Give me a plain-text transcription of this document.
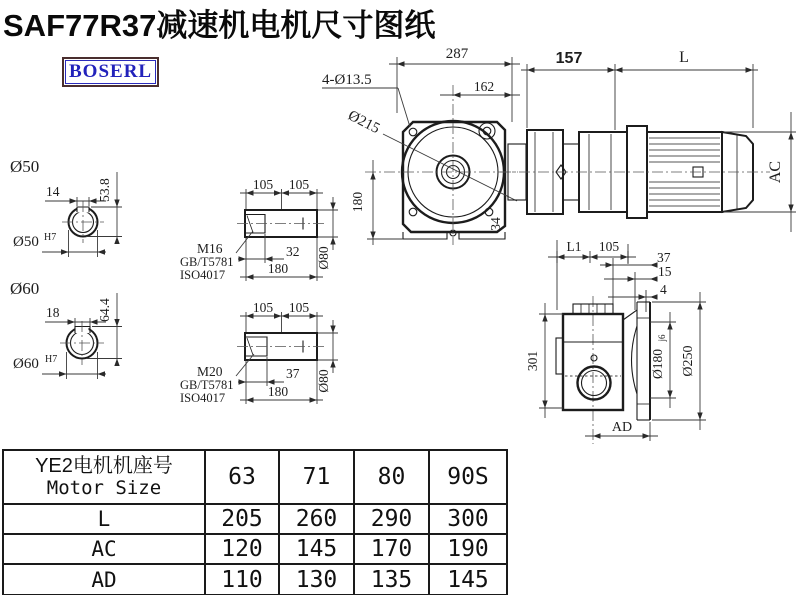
SAF77R37减速机电机尺寸图纸
BOSERL
Ø50
14	53.8
Ø50 H7
Ø60
18	64.4
Ø60 H7
105 105
M16
GB/T5781
ISO4017
32
180 Ø80
105 105
M20
GB/T5781
ISO4017
37
180 Ø80
Ø215
4-Ø13.5
287
162
180
34
157	L
AC
L1 105
37
15
4
301	Ø180
j6
Ø250
AD
YE2电机机座号
Motor Size	63	71	80	90S
L	205	260	290	300
AC	120	145	170	190
AD	110	130	135	145
